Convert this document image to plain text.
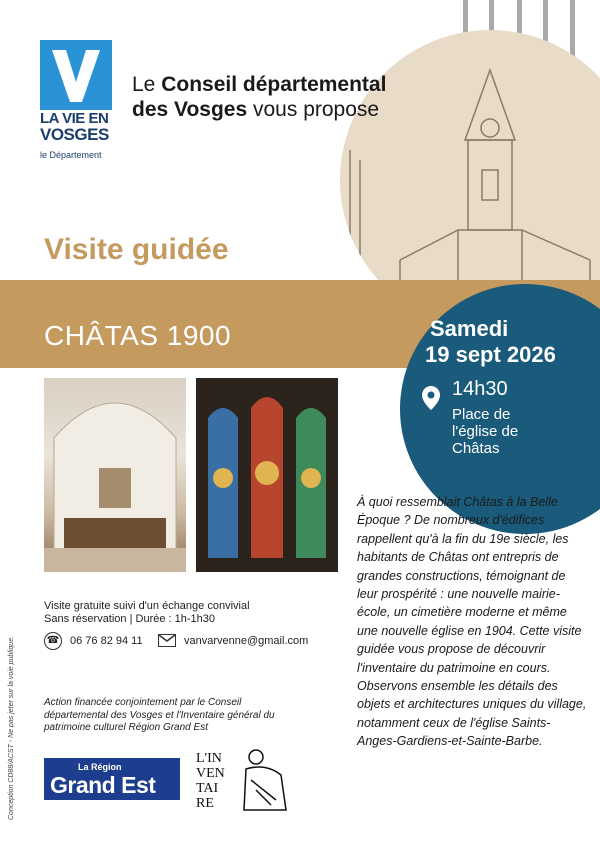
LA VIE EN
VOSGES
le Département
Le Conseil départemental
des Vosges vous propose
Visite guidée
CHÂTAS 1900	Samedi
19 sept 2026
14h30
Place de
l'église de
Châtas
À quoi ressemblait Châtas à la Belle Époque ? De nombreux d'édifices rappellent qu'à la fin du 19e siècle, les habitants de Châtas ont entrepris de grandes constructions, témoignant de leur prospérité : une nouvelle mairie-école, un cimetière moderne et même une nouvelle église en 1904. Cette visite guidée vous propose de découvrir l'inventaire du patrimoine en cours. Observons ensemble les détails des objets et architectures uniques du village, notamment ceux de l'église Saints-Anges-Gardiens-et-Sainte-Barbe.
Visite gratuite suivi d'un échange convivial
Sans réservation | Durée : 1h-1h30
☎ 06 76 82 94 11	vanvarvenne@gmail.com
Action financée conjointement par le Conseil départemental des Vosges et l'Inventaire général du patrimoine culturel Région Grand Est
La Région
Grand Est
L'IN
VEN
TAI
RE
Conception CD88/ACST - Ne pas jeter sur la voie publique.
